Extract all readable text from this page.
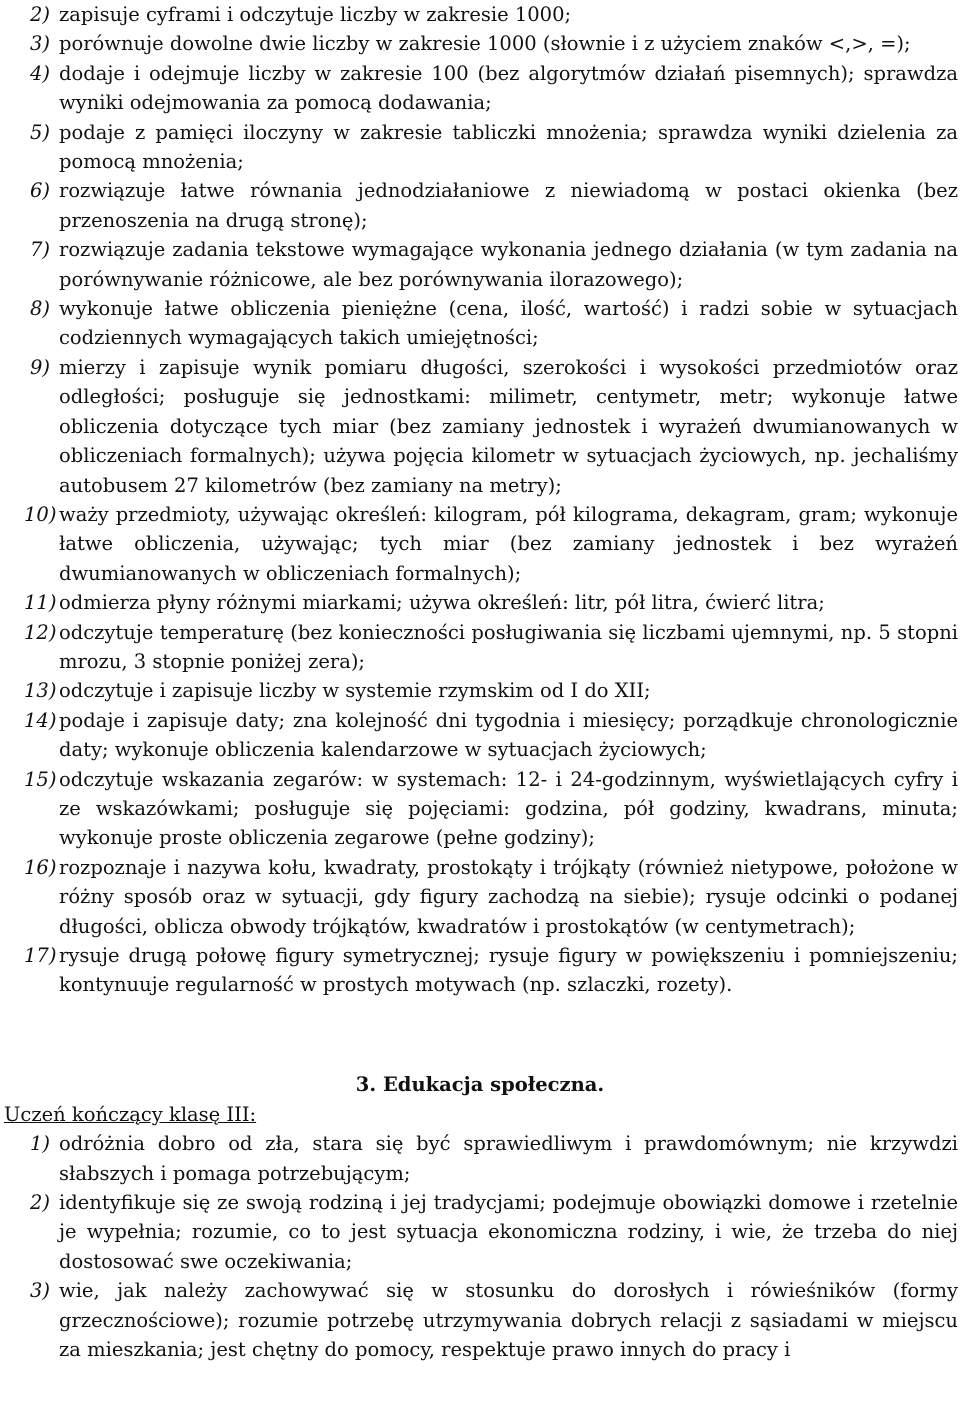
2) zapisuje cyframi i odczytuje liczby w zakresie 1000;
3) porównuje dowolne dwie liczby w zakresie 1000 (słownie i z użyciem znaków <,>, =);
4) dodaje i odejmuje liczby w zakresie 100 (bez algorytmów działań pisemnych); sprawdza wyniki odejmowania za pomocą dodawania;
5) podaje z pamięci iloczyny w zakresie tabliczki mnożenia; sprawdza wyniki dzielenia za pomocą mnożenia;
6) rozwiązuje łatwe równania jednodziałaniowe z niewiadomą w postaci okienka (bez przenoszenia na drugą stronę);
7) rozwiązuje zadania tekstowe wymagające wykonania jednego działania (w tym zadania na porównywanie różnicowe, ale bez porównywania ilorazowego);
8) wykonuje łatwe obliczenia pieniężne (cena, ilość, wartość) i radzi sobie w sytuacjach codziennych wymagających takich umiejętności;
9) mierzy i zapisuje wynik pomiaru długości, szerokości i wysokości przedmiotów oraz odległości; posługuje się jednostkami: milimetr, centymetr, metr; wykonuje łatwe obliczenia dotyczące tych miar (bez zamiany jednostek i wyrażeń dwumianowanych w obliczeniach formalnych); używa pojęcia kilometr w sytuacjach życiowych, np. jechaliśmy autobusem 27 kilometrów (bez zamiany na metry);
10) waży przedmioty, używając określeń: kilogram, pół kilograma, dekagram, gram; wykonuje łatwe obliczenia, używając; tych miar (bez zamiany jednostek i bez wyrażeń dwumianowanych w obliczeniach formalnych);
11) odmierza płyny różnymi miarkami; używa określeń: litr, pół litra, ćwierć litra;
12) odczytuje temperaturę (bez konieczności posługiwania się liczbami ujemnymi, np. 5 stopni mrozu, 3 stopnie poniżej zera);
13) odczytuje i zapisuje liczby w systemie rzymskim od I do XII;
14) podaje i zapisuje daty; zna kolejność dni tygodnia i miesięcy; porządkuje chronologicznie daty; wykonuje obliczenia kalendarzowe w sytuacjach życiowych;
15) odczytuje wskazania zegarów: w systemach: 12- i 24-godzinnym, wyświetlających cyfry i ze wskazówkami; posługuje się pojęciami: godzina, pół godziny, kwadrans, minuta; wykonuje proste obliczenia zegarowe (pełne godziny);
16) rozpoznaje i nazywa kołu, kwadraty, prostokąty i trójkąty (również nietypowe, położone w różny sposób oraz w sytuacji, gdy figury zachodzą na siebie); rysuje odcinki o podanej długości, oblicza obwody trójkątów, kwadratów i prostokątów (w centymetrach);
17) rysuje drugą połowę figury symetrycznej; rysuje figury w powiększeniu i pomniejszeniu; kontynuuje regularność w prostych motywach (np. szlaczki, rozety).
3. Edukacja społeczna.
Uczeń kończący klasę III:
1) odróżnia dobro od zła, stara się być sprawiedliwym i prawdomównym; nie krzywdzi słabszych i pomaga potrzebującym;
2) identyfikuje się ze swoją rodziną i jej tradycjami; podejmuje obowiązki domowe i rzetelnie je wypełnia; rozumie, co to jest sytuacja ekonomiczna rodziny, i wie, że trzeba do niej dostosować swe oczekiwania;
3) wie, jak należy zachowywać się w stosunku do dorosłych i rówieśników (formy grzecznościowe); rozumie potrzebę utrzymywania dobrych relacji z sąsiadami w miejscu za mieszkania; jest chętny do pomocy, respektuje prawo innych do pracy i
